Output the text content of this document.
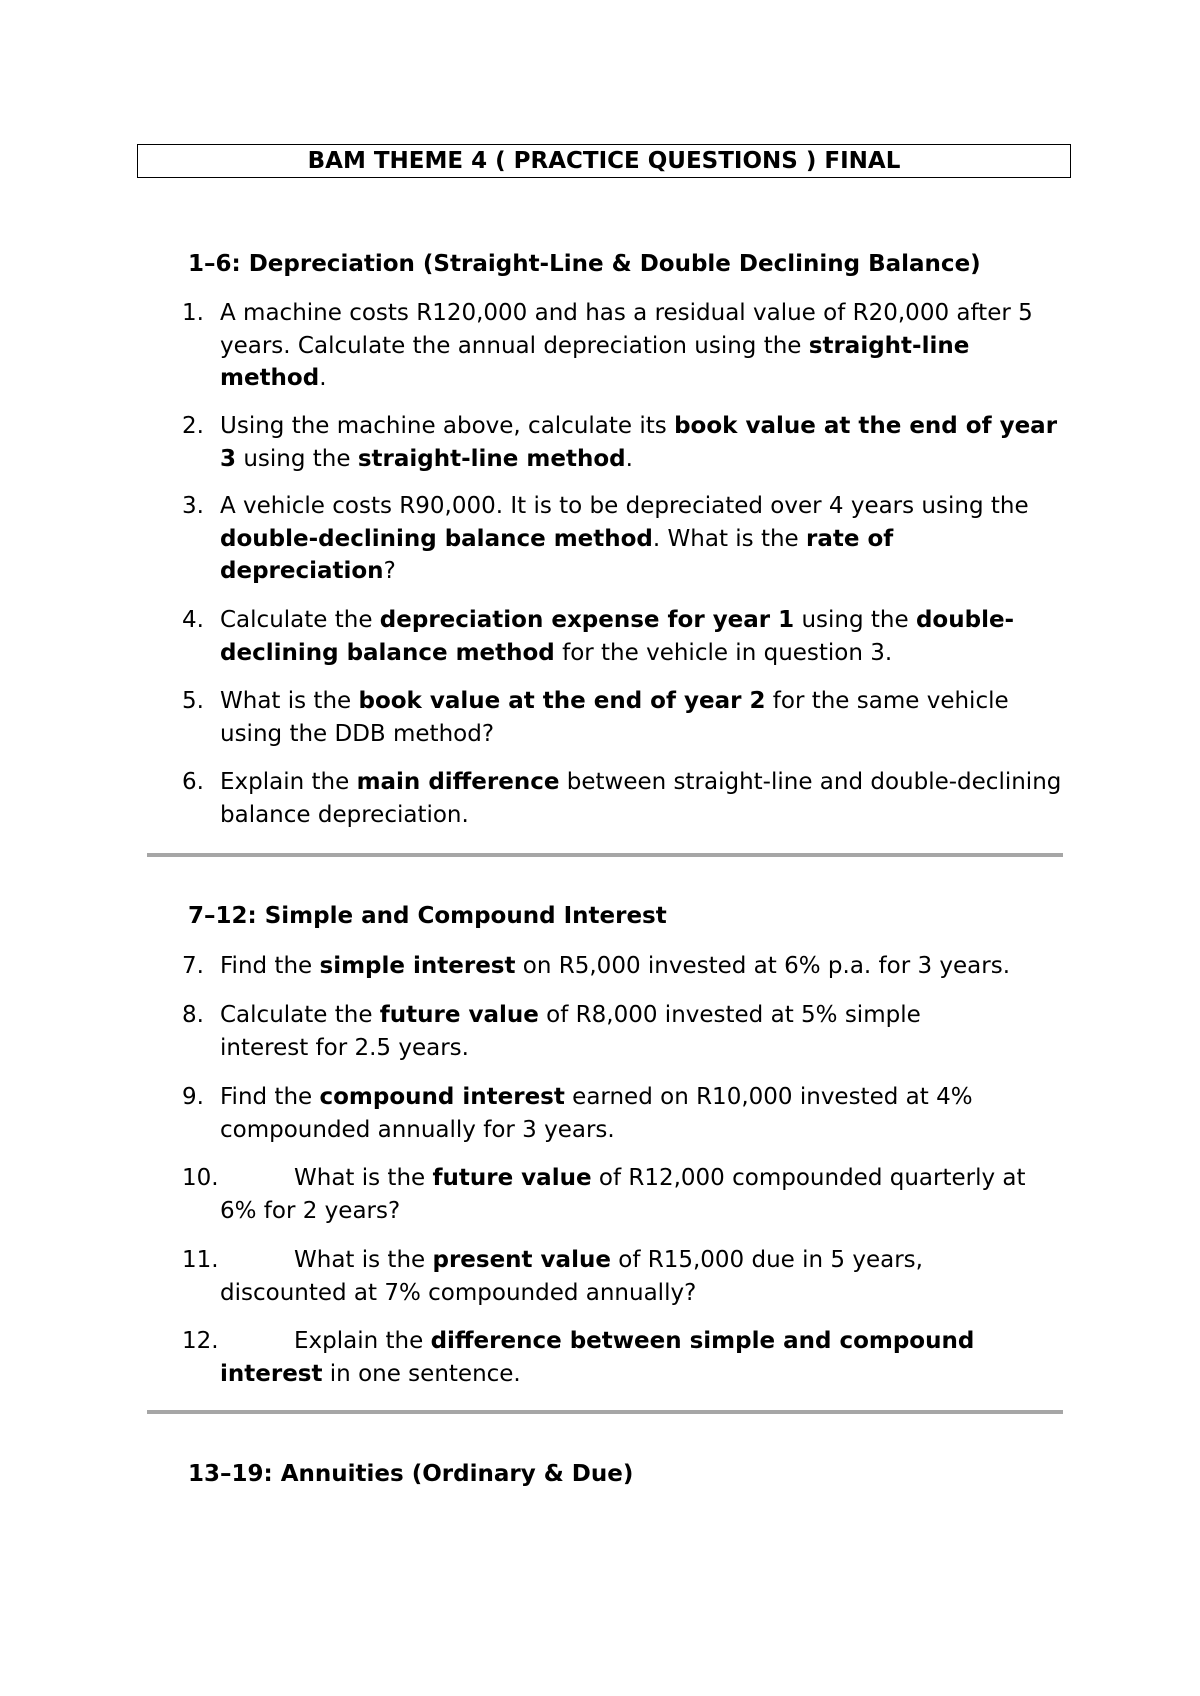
BAM THEME 4 ( PRACTICE QUESTIONS ) FINAL
1–6: Depreciation (Straight-Line & Double Declining Balance)
1. A machine costs R120,000 and has a residual value of R20,000 after 5 years. Calculate the annual depreciation using the straight-line method.
2. Using the machine above, calculate its book value at the end of year 3 using the straight-line method.
3. A vehicle costs R90,000. It is to be depreciated over 4 years using the double-declining balance method. What is the rate of depreciation?
4. Calculate the depreciation expense for year 1 using the double-declining balance method for the vehicle in question 3.
5. What is the book value at the end of year 2 for the same vehicle using the DDB method?
6. Explain the main difference between straight-line and double-declining balance depreciation.
7–12: Simple and Compound Interest
7. Find the simple interest on R5,000 invested at 6% p.a. for 3 years.
8. Calculate the future value of R8,000 invested at 5% simple interest for 2.5 years.
9. Find the compound interest earned on R10,000 invested at 4% compounded annually for 3 years.
10.	What is the future value of R12,000 compounded quarterly at 6% for 2 years?
11.	What is the present value of R15,000 due in 5 years, discounted at 7% compounded annually?
12.	Explain the difference between simple and compound interest in one sentence.
13–19: Annuities (Ordinary & Due)
